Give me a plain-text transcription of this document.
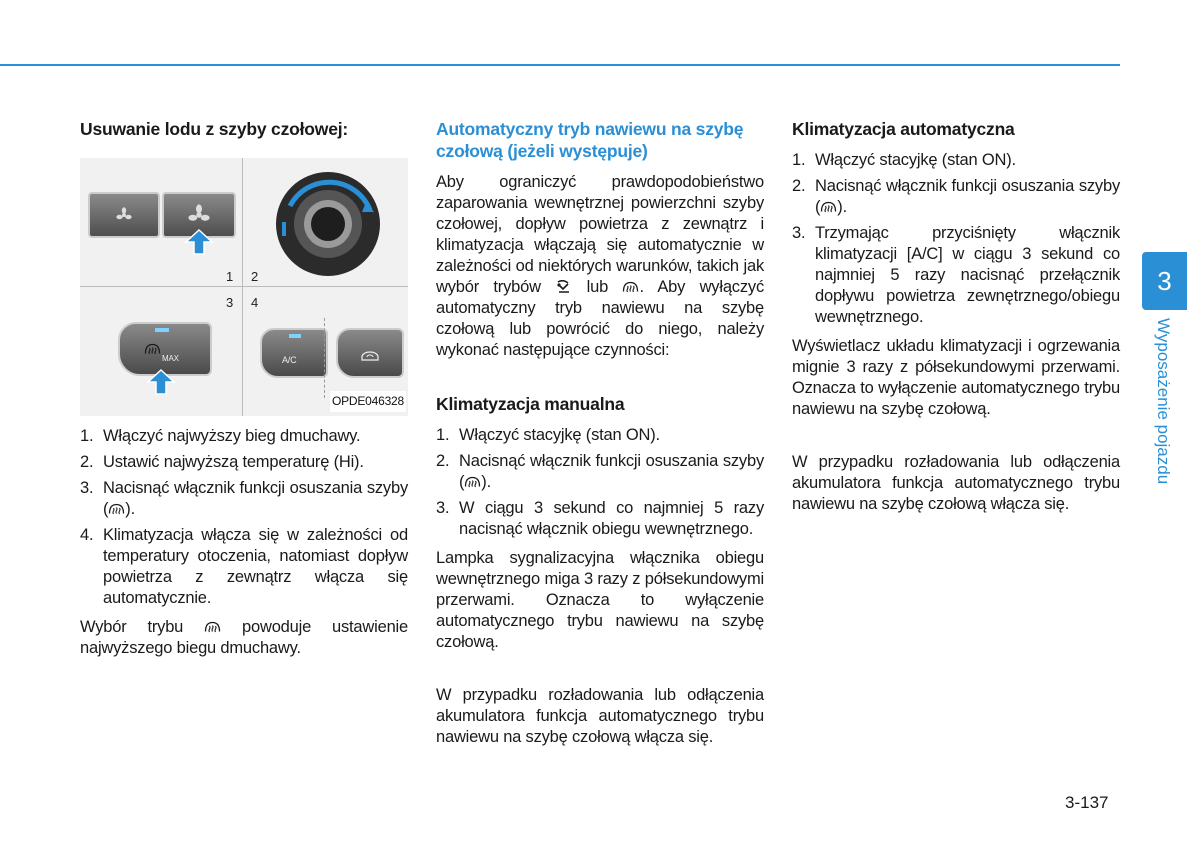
Usuwanie lodu z szyby czołowej:
1 2
3 4
MAX	A/C
OPDE046328
1. Włączyć najwyższy bieg dmuchawy.
2. Ustawić najwyższą temperaturę (Hi).
3. Nacisnąć włącznik funkcji osuszania szyby ( ).
4. Klimatyzacja włącza się w zależności od temperatury otoczenia, natomiast dopływ powietrza z zewnątrz włącza się automatycznie.

Wybór trybu  powoduje ustawienie najwyższego biegu dmuchawy.

Automatyczny tryb nawiewu na szybę czołową (jeżeli występuje)

Aby ograniczyć prawdopodobieństwo zaparowania wewnętrznej powierzchni szyby czołowej, dopływ powietrza z zewnątrz i klimatyzacja włączają się automatycznie w zależności od niektórych warunków, takich jak wybór trybów  lub . Aby wyłączyć automatyczny tryb nawiewu na szybę czołową lub powrócić do niego, należy wykonać następujące czynności:

Klimatyzacja manualna
1. Włączyć stacyjkę (stan ON).
2. Nacisnąć włącznik funkcji osuszania szyby ( ).
3. W ciągu 3 sekund co najmniej 5 razy nacisnąć włącznik obiegu wewnętrznego.

Lampka sygnalizacyjna włącznika obiegu wewnętrznego miga 3 razy z półsekundowymi przerwami. Oznacza to wyłączenie automatycznego trybu nawiewu na szybę czołową.

W przypadku rozładowania lub odłączenia akumulatora funkcja automatycznego trybu nawiewu na szybę czołową włącza się.

Klimatyzacja automatyczna
1. Włączyć stacyjkę (stan ON).
2. Nacisnąć włącznik funkcji osuszania szyby ( ).
3. Trzymając przyciśnięty włącznik klimatyzacji [A/C] w ciągu 3 sekund co najmniej 5 razy nacisnąć przełącznik dopływu powietrza zewnętrznego/obiegu wewnętrznego.

Wyświetlacz układu klimatyzacji i ogrzewania mignie 3 razy z półsekundowymi przerwami. Oznacza to wyłączenie automatycznego trybu nawiewu na szybę czołową.

W przypadku rozładowania lub odłączenia akumulatora funkcja automatycznego trybu nawiewu na szybę czołową włącza się.

3
Wyposażenie pojazdu
3-137
